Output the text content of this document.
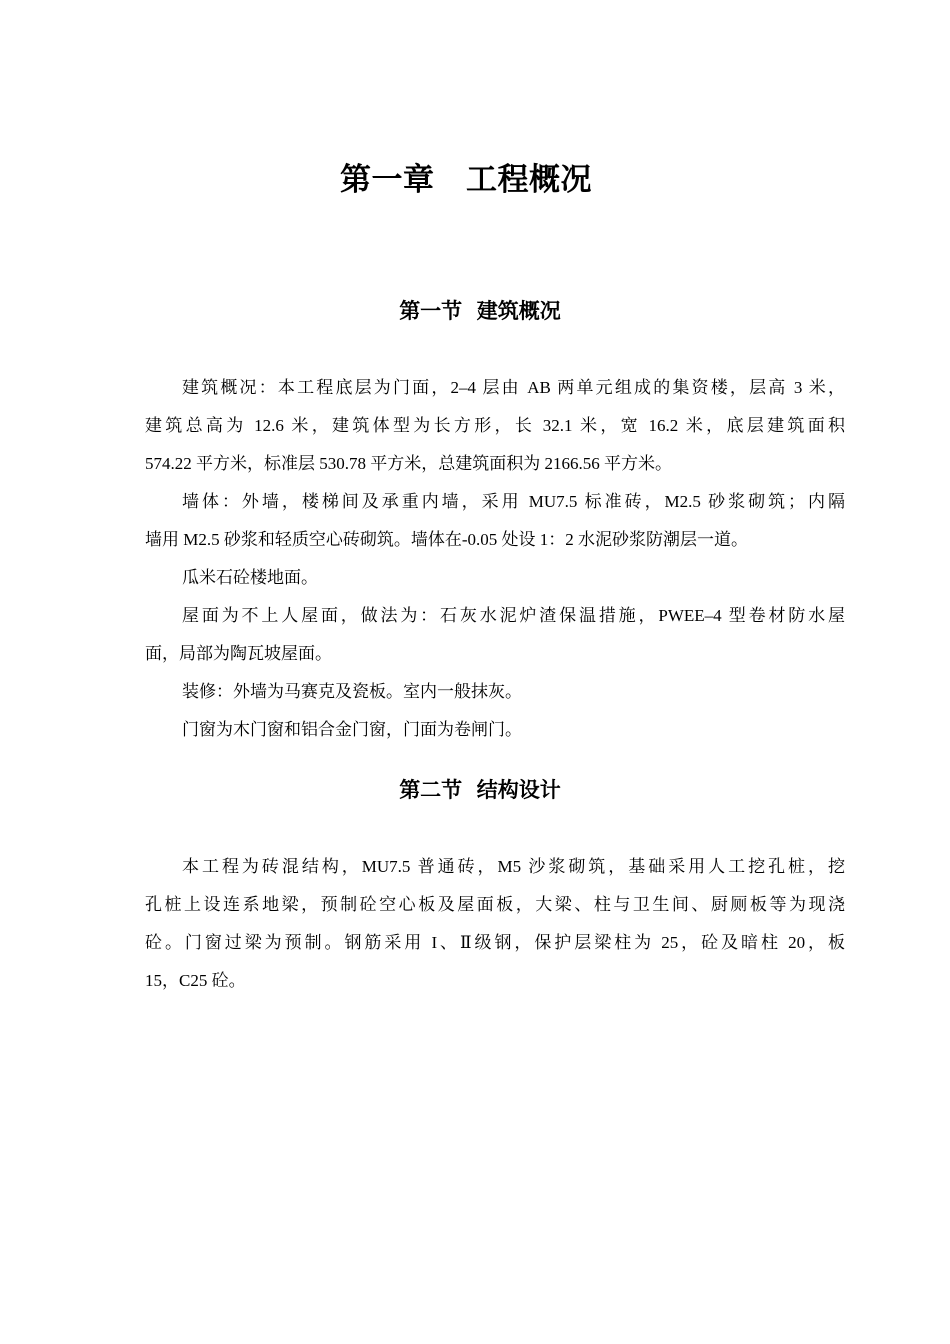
第一章　工程概况
第一节  建筑概况
建筑概况：本工程底层为门面，2–4 层由 AB 两单元组成的集资楼，层高 3 米，
建筑总高为 12.6 米，建筑体型为长方形，长 32.1 米，宽 16.2 米，底层建筑面积
574.22 平方米，标准层 530.78 平方米，总建筑面积为 2166.56 平方米。
墙体：外墙，楼梯间及承重内墙，采用 MU7.5 标准砖，M2.5 砂浆砌筑；内隔
墙用 M2.5 砂浆和轻质空心砖砌筑。墙体在-0.05 处设 1：2 水泥砂浆防潮层一道。
瓜米石砼楼地面。
屋面为不上人屋面，做法为：石灰水泥炉渣保温措施，PWEE–4 型卷材防水屋
面，局部为陶瓦坡屋面。
装修：外墙为马赛克及瓷板。室内一般抹灰。
门窗为木门窗和铝合金门窗，门面为卷闸门。
第二节  结构设计
本工程为砖混结构，MU7.5 普通砖，M5 沙浆砌筑，基础采用人工挖孔桩，挖
孔桩上设连系地梁，预制砼空心板及屋面板，大梁、柱与卫生间、厨厕板等为现浇
砼。门窗过梁为预制。钢筋采用 I、Ⅱ级钢，保护层梁柱为 25，砼及暗柱 20，板
15，C25 砼。
